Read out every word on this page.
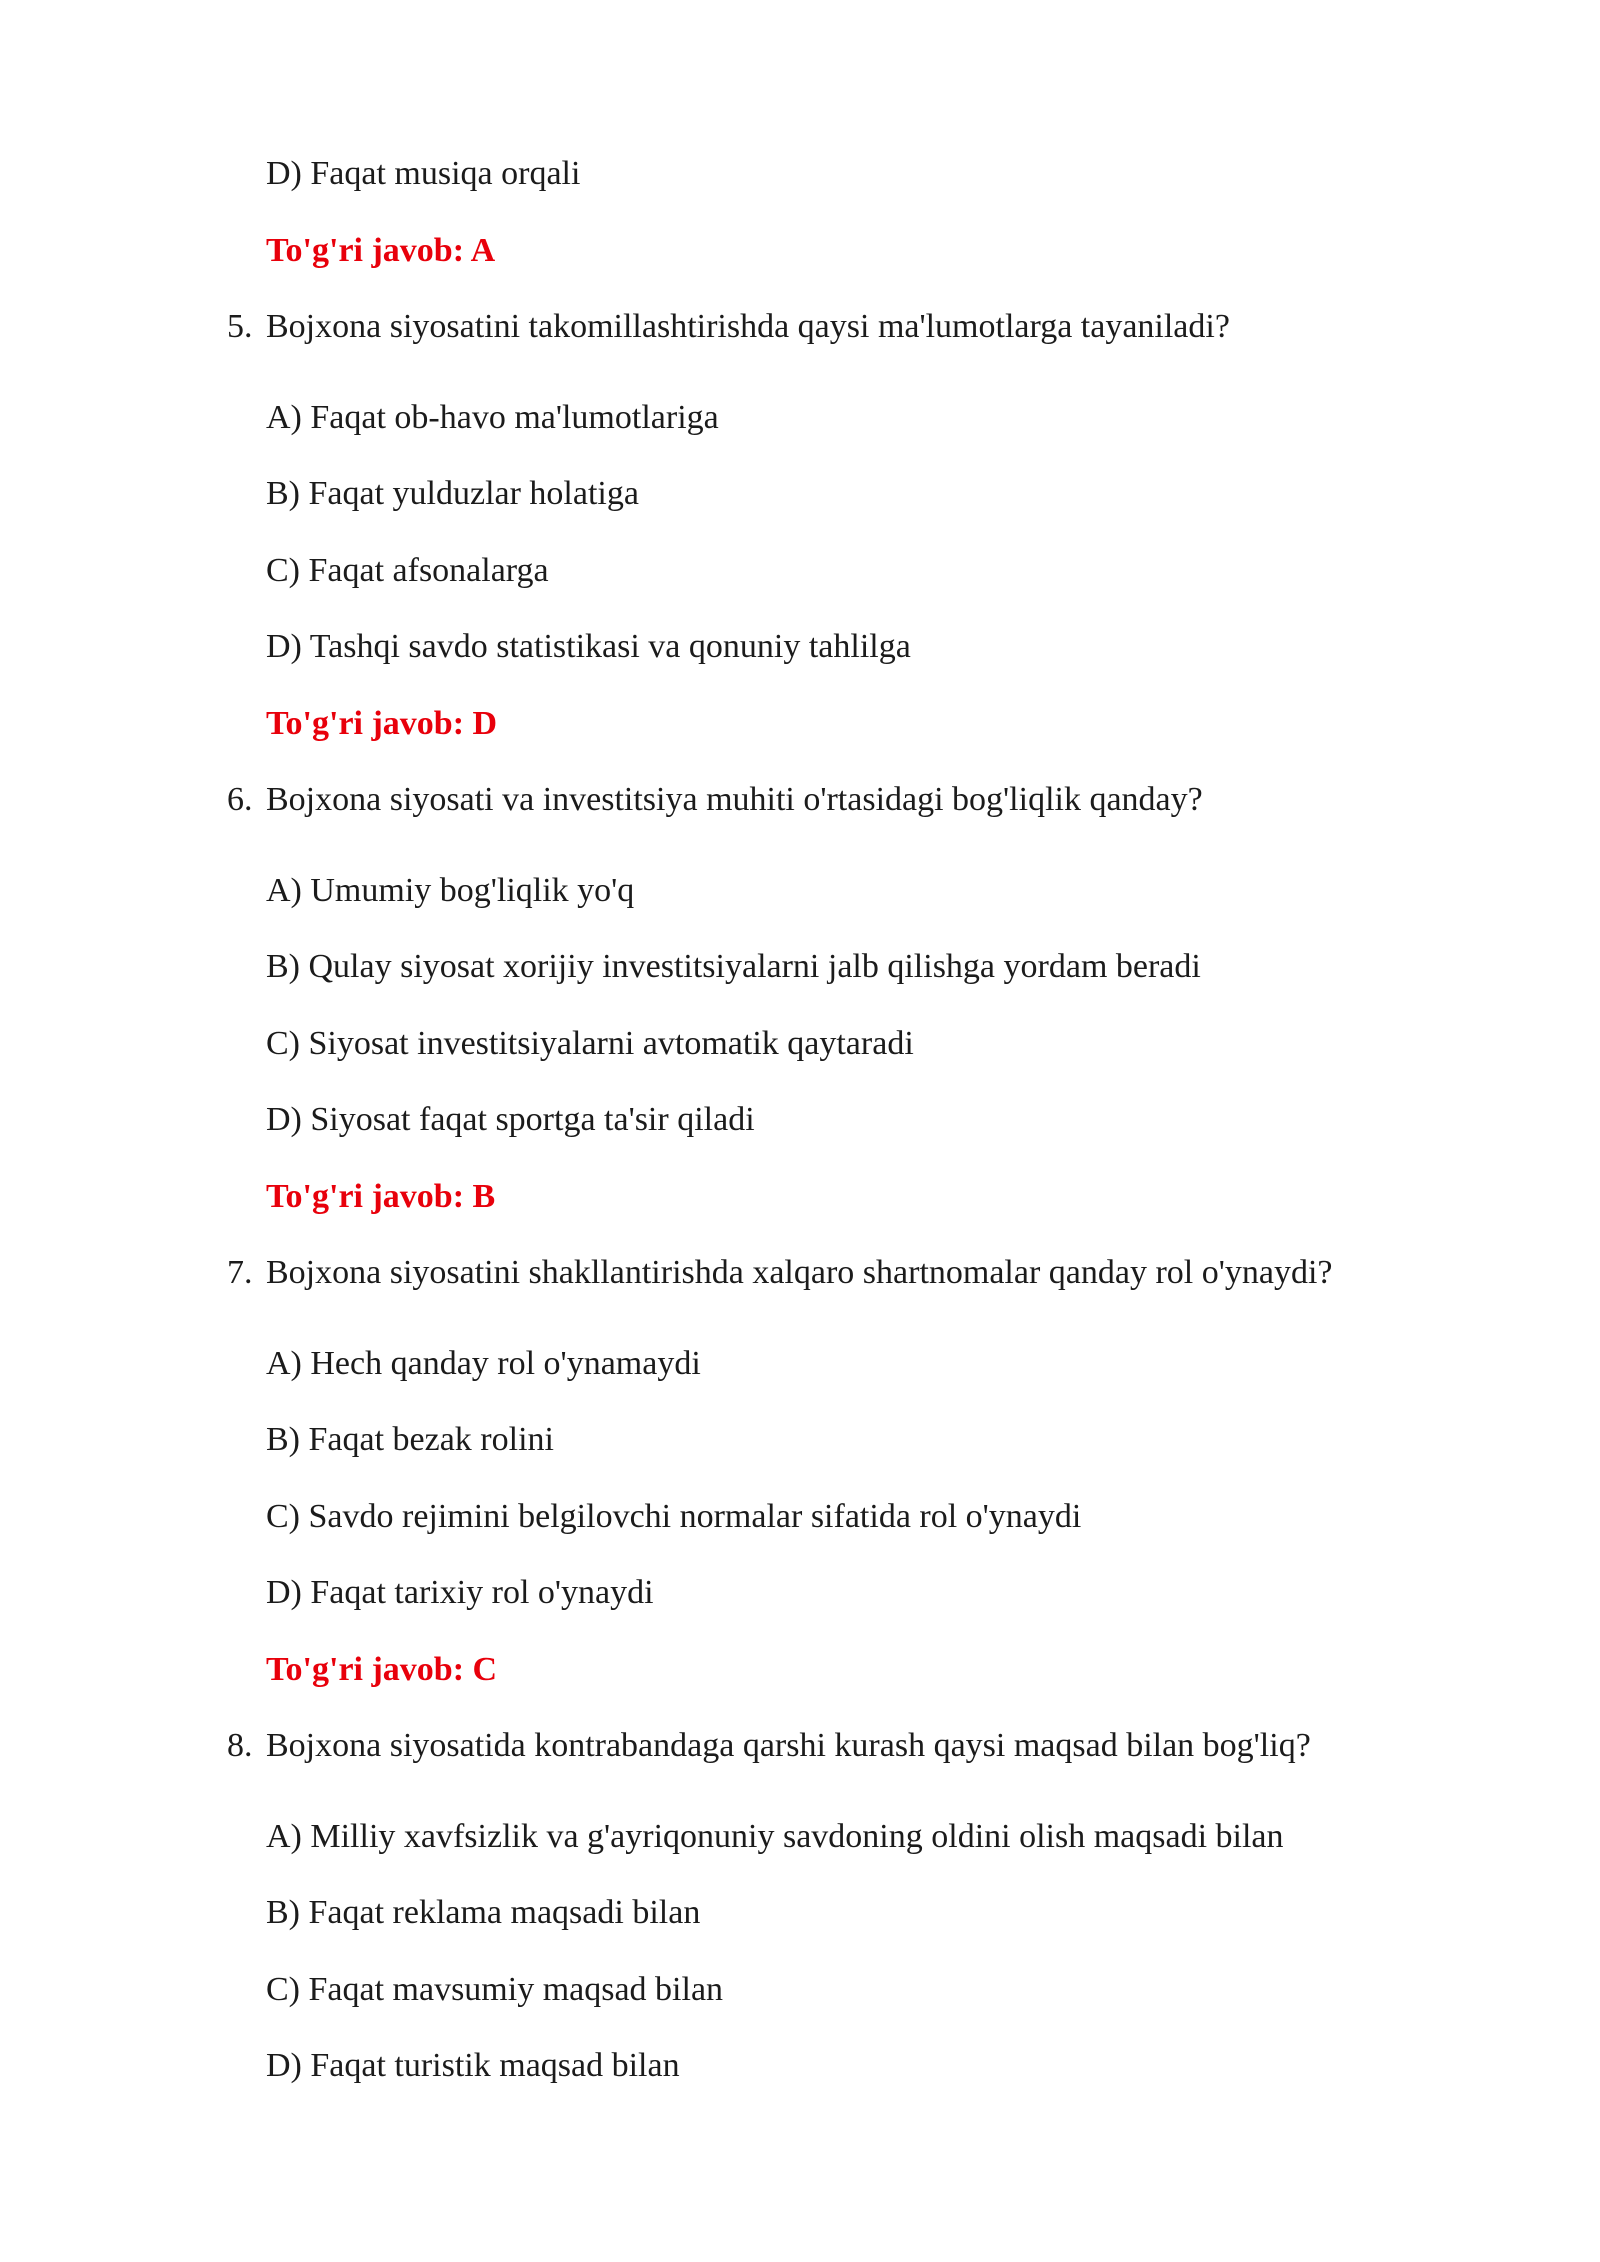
D) Faqat musiqa orqali
To'g'ri javob: A
5. Bojxona siyosatini takomillashtirishda qaysi ma'lumotlarga tayaniladi?
A) Faqat ob-havo ma'lumotlariga
B) Faqat yulduzlar holatiga
C) Faqat afsonalarga
D) Tashqi savdo statistikasi va qonuniy tahlilga
To'g'ri javob: D
6. Bojxona siyosati va investitsiya muhiti o'rtasidagi bog'liqlik qanday?
A) Umumiy bog'liqlik yo'q
B) Qulay siyosat xorijiy investitsiyalarni jalb qilishga yordam beradi
C) Siyosat investitsiyalarni avtomatik qaytaradi
D) Siyosat faqat sportga ta'sir qiladi
To'g'ri javob: B
7. Bojxona siyosatini shakllantirishda xalqaro shartnomalar qanday rol o'ynaydi?
A) Hech qanday rol o'ynamaydi
B) Faqat bezak rolini
C) Savdo rejimini belgilovchi normalar sifatida rol o'ynaydi
D) Faqat tarixiy rol o'ynaydi
To'g'ri javob: C
8. Bojxona siyosatida kontrabandaga qarshi kurash qaysi maqsad bilan bog'liq?
A) Milliy xavfsizlik va g'ayriqonuniy savdoning oldini olish maqsadi bilan
B) Faqat reklama maqsadi bilan
C) Faqat mavsumiy maqsad bilan
D) Faqat turistik maqsad bilan
